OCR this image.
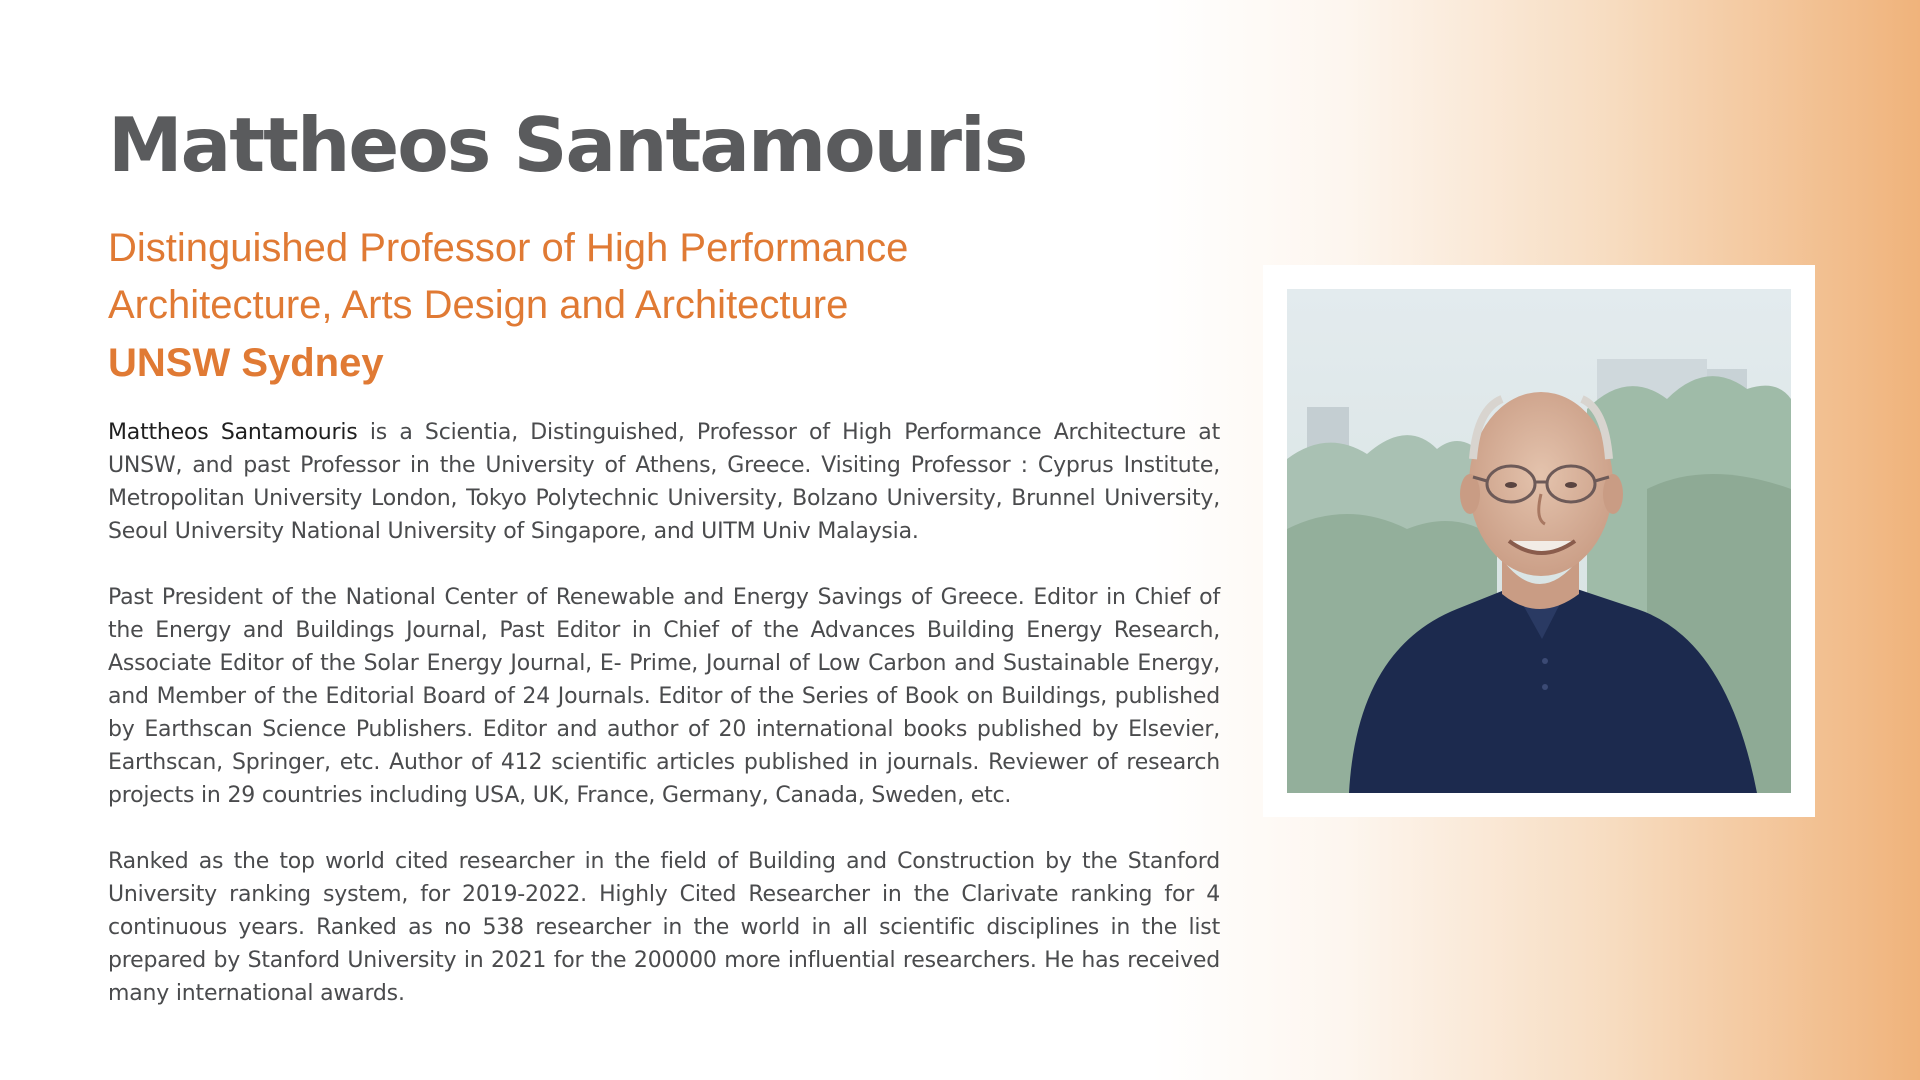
Mattheos Santamouris
Distinguished Professor of High Performance
Architecture, Arts Design and Architecture
UNSW Sydney

Mattheos Santamouris is a Scientia, Distinguished, Professor of High Performance Architecture at UNSW, and past Professor in the University of Athens, Greece. Visiting Professor : Cyprus Institute, Metropolitan University London, Tokyo Polytechnic University, Bolzano University, Brunnel University, Seoul University National University of Singapore, and UITM Univ Malaysia.

Past President of the National Center of Renewable and Energy Savings of Greece. Editor in Chief of the Energy and Buildings Journal, Past Editor in Chief of the Advances Building Energy Research, Associate Editor of the Solar Energy Journal, E- Prime, Journal of Low Carbon and Sustainable Energy, and Member of the Editorial Board of 24 Journals. Editor of the Series of Book on Buildings, published by Earthscan Science Publishers. Editor and author of 20 international books published by Elsevier, Earthscan, Springer, etc. Author of 412 scientific articles published in journals. Reviewer of research projects in 29 countries including USA, UK, France, Germany, Canada, Sweden, etc.

Ranked as the top world cited researcher in the field of Building and Construction by the Stanford University ranking system, for 2019-2022. Highly Cited Researcher in the Clarivate ranking for 4 continuous years. Ranked as no 538 researcher in the world in all scientific disciplines in the list prepared by Stanford University in 2021 for the 200000 more influential researchers. He has received many international awards.
